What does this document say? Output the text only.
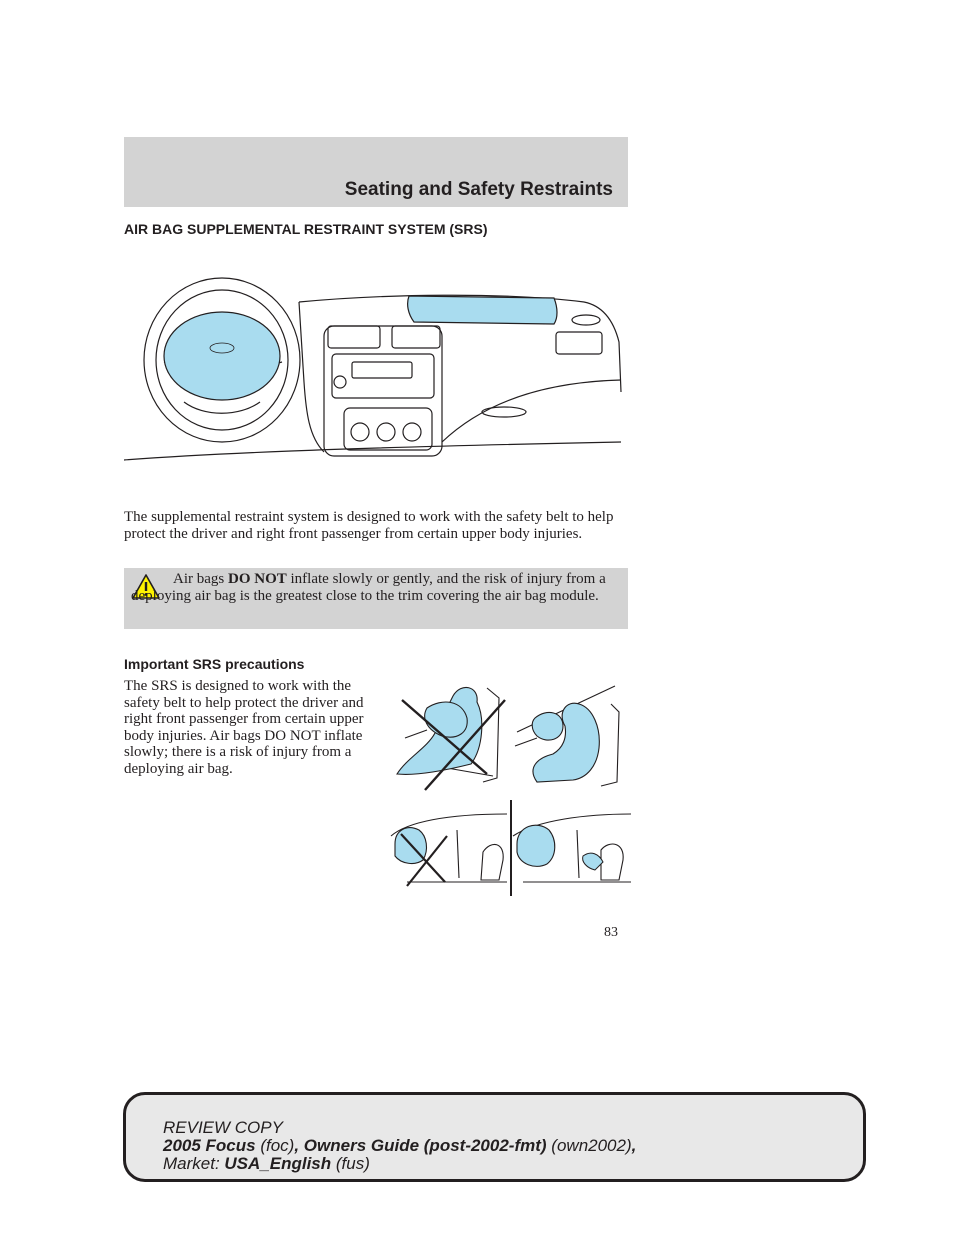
Seating and Safety Restraints
AIR BAG SUPPLEMENTAL RESTRAINT SYSTEM (SRS)
The supplemental restraint system is designed to work with the safety belt to help protect the driver and right front passenger from certain upper body injuries.
Air bags DO NOT inflate slowly or gently, and the risk of injury from a deploying air bag is the greatest close to the trim covering the air bag module.
Important SRS precautions
The SRS is designed to work with the safety belt to help protect the driver and right front passenger from certain upper body injuries. Air bags DO NOT inflate slowly; there is a risk of injury from a deploying air bag.
83
REVIEW COPY
2005 Focus (foc), Owners Guide (post-2002-fmt) (own2002),
Market: USA_English (fus)
